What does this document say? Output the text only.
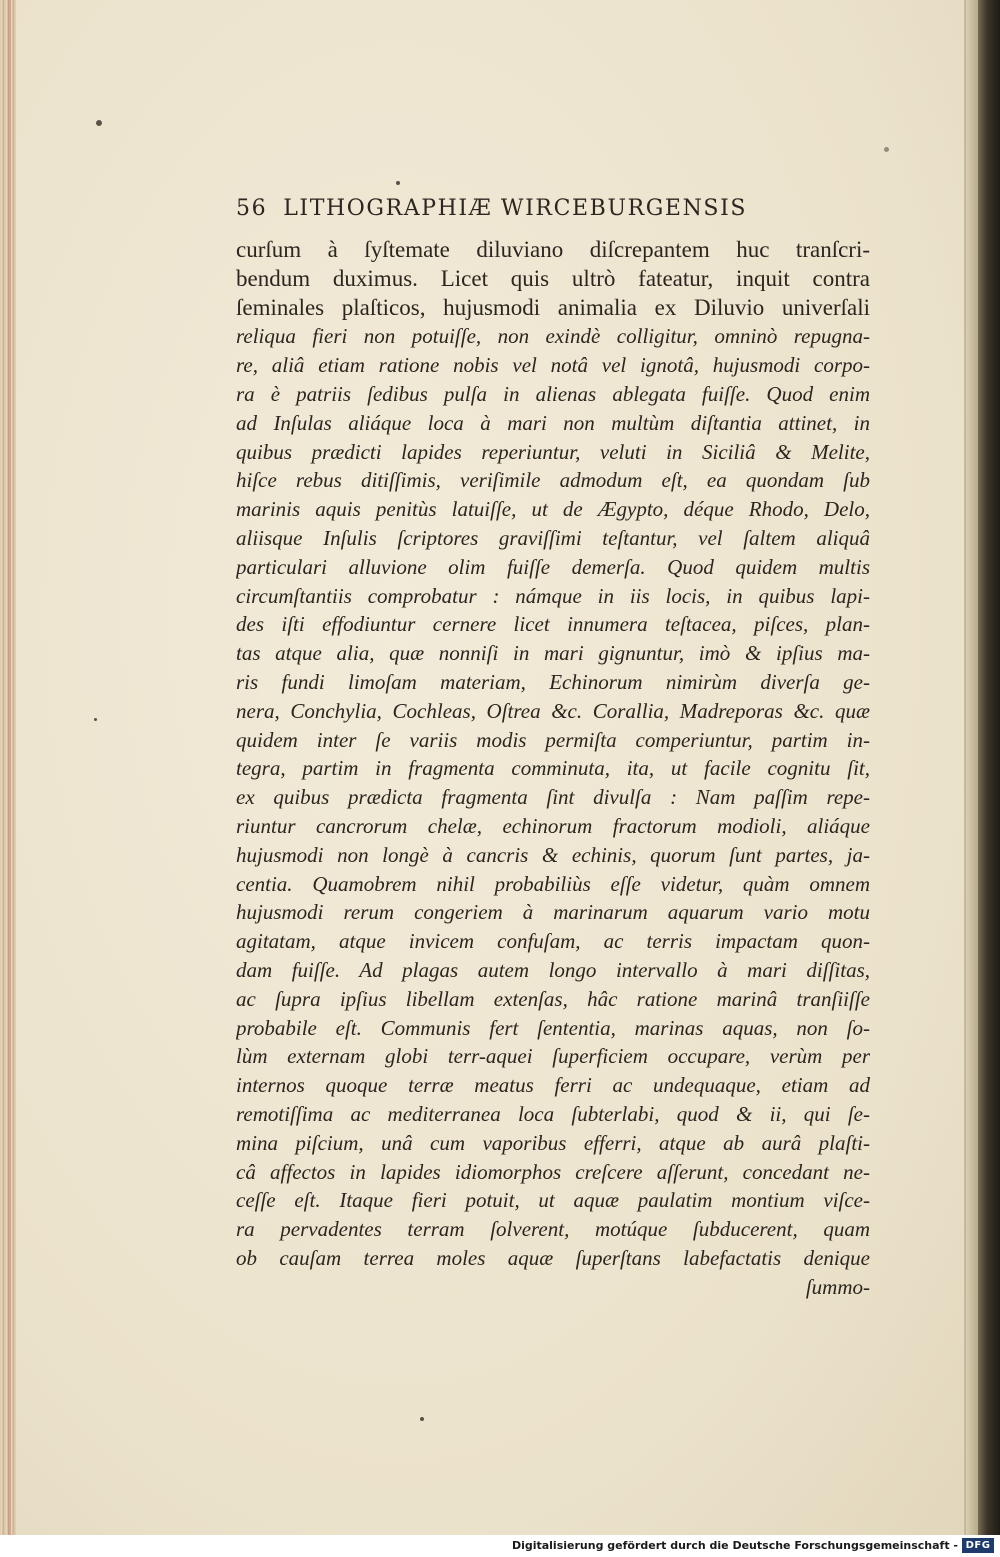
56 LITHOGRAPHIÆ WIRCEBURGENSIS
curſum à ſyſtemate diluviano diſcrepantem huc tranſcri-
bendum duximus. Licet quis ultrò fateatur, inquit contra
ſeminales plaſticos, hujusmodi animalia ex Diluvio univerſali
reliqua fieri non potuiſſe, non exindè colligitur, omninò repugna-
re, aliâ etiam ratione nobis vel notâ vel ignotâ, hujusmodi corpo-
ra è patriis ſedibus pulſa in alienas ablegata fuiſſe. Quod enim
ad Inſulas aliáque loca à mari non multùm diſtantia attinet, in
quibus prædicti lapides reperiuntur, veluti in Siciliâ & Melite,
hiſce rebus ditiſſimis, veriſimile admodum eſt, ea quondam ſub
marinis aquis penitùs latuiſſe, ut de Ægypto, déque Rhodo, Delo,
aliisque Inſulis ſcriptores graviſſimi teſtantur, vel ſaltem aliquâ
particulari alluvione olim fuiſſe demerſa. Quod quidem multis
circumſtantiis comprobatur : námque in iis locis, in quibus lapi-
des iſti effodiuntur cernere licet innumera teſtacea, piſces, plan-
tas atque alia, quæ nonniſi in mari gignuntur, imò & ipſius ma-
ris fundi limoſam materiam, Echinorum nimirùm diverſa ge-
nera, Conchylia, Cochleas, Oſtrea &c. Corallia, Madreporas &c. quæ
quidem inter ſe variis modis permiſta comperiuntur, partim in-
tegra, partim in fragmenta comminuta, ita, ut facile cognitu ſit,
ex quibus prædicta fragmenta ſint divulſa : Nam paſſim repe-
riuntur cancrorum chelæ, echinorum fractorum modioli, aliáque
hujusmodi non longè à cancris & echinis, quorum ſunt partes, ja-
centia. Quamobrem nihil probabiliùs eſſe videtur, quàm omnem
hujusmodi rerum congeriem à marinarum aquarum vario motu
agitatam, atque invicem confuſam, ac terris impactam quon-
dam fuiſſe. Ad plagas autem longo intervallo à mari diſſitas,
ac ſupra ipſius libellam extenſas, hâc ratione marinâ tranſiiſſe
probabile eſt. Communis fert ſententia, marinas aquas, non ſo-
lùm externam globi terr-aquei ſuperficiem occupare, verùm per
internos quoque terræ meatus ferri ac undequaque, etiam ad
remotiſſima ac mediterranea loca ſubterlabi, quod & ii, qui ſe-
mina piſcium, unâ cum vaporibus efferri, atque ab aurâ plaſti-
câ affectos in lapides idiomorphos creſcere aſſerunt, concedant ne-
ceſſe eſt. Itaque fieri potuit, ut aquæ paulatim montium viſce-
ra pervadentes terram ſolverent, motúque ſubducerent, quam
ob cauſam terrea moles aquæ ſuperſtans labefactatis denique
ſummo-
Digitalisierung gefördert durch die Deutsche Forschungsgemeinschaft - DFG
